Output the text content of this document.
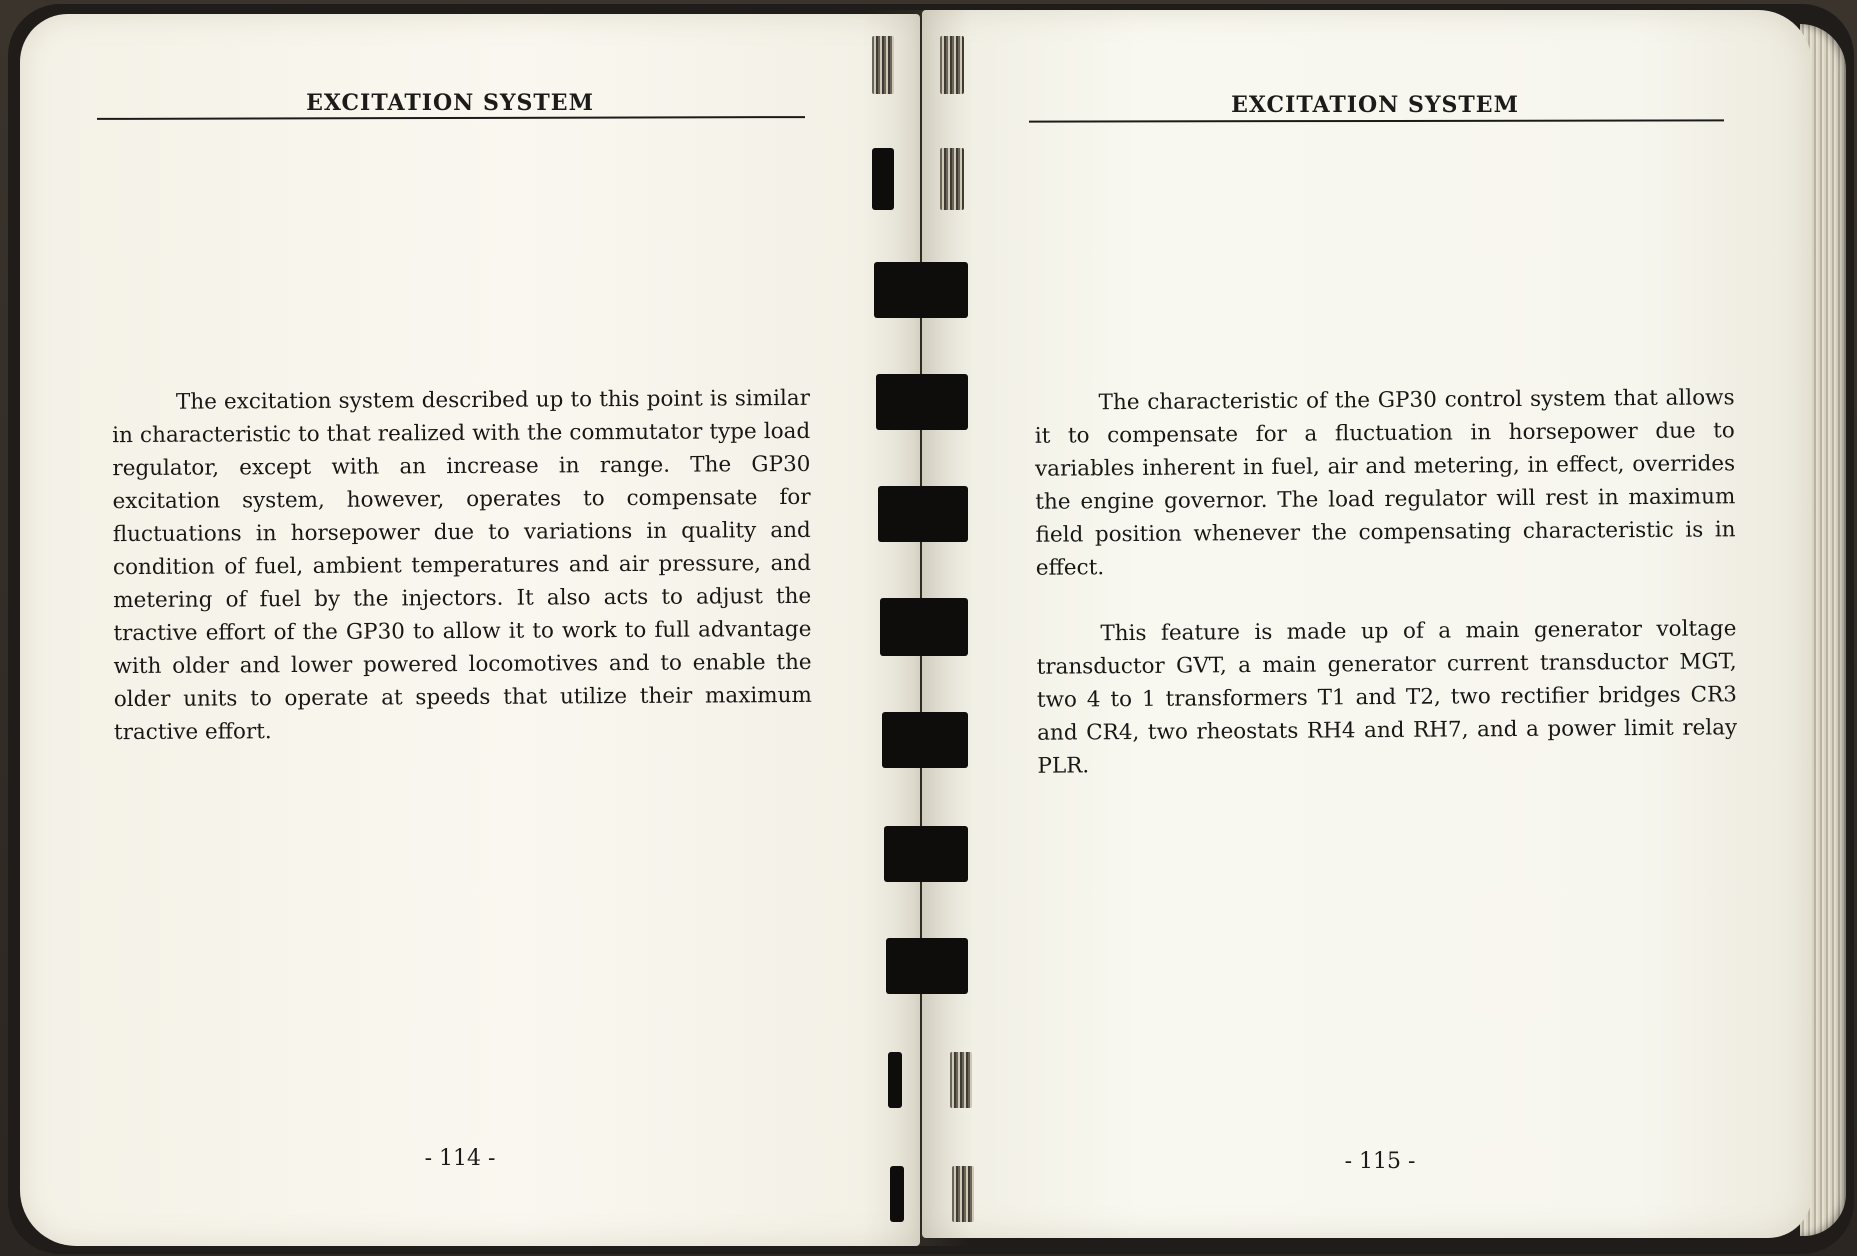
EXCITATION SYSTEM

The excitation system described up to this point is similar in characteristic to that realized with the commutator type load regulator, except with an increase in range. The GP30 excitation system, however, operates to compensate for fluctuations in horsepower due to variations in quality and condition of fuel, ambient temperatures and air pressure, and metering of fuel by the injectors. It also acts to adjust the tractive effort of the GP30 to allow it to work to full advantage with older and lower powered locomotives and to enable the older units to operate at speeds that utilize their maximum tractive effort.

- 114 -
EXCITATION SYSTEM

The characteristic of the GP30 control system that allows it to compensate for a fluctuation in horsepower due to variables inherent in fuel, air and metering, in effect, overrides the engine governor. The load regulator will rest in maximum field position whenever the compensating characteristic is in effect.

This feature is made up of a main generator voltage transductor GVT, a main generator current transductor MGT, two 4 to 1 transformers T1 and T2, two rectifier bridges CR3 and CR4, two rheostats RH4 and RH7, and a power limit relay PLR.

- 115 -
